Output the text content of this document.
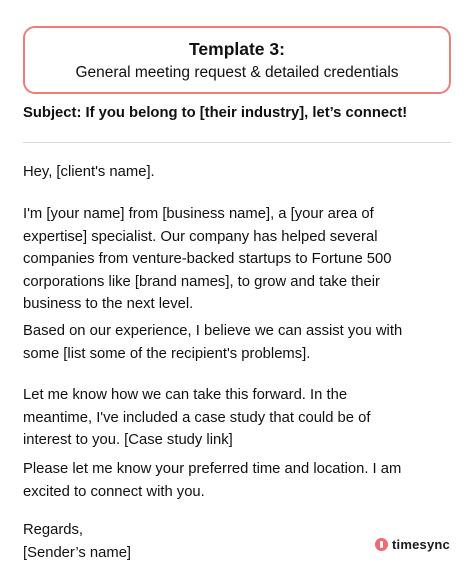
Template 3:
General meeting request & detailed credentials
Subject: If you belong to [their industry], let’s connect!
Hey, [client's name].
I'm [your name] from [business name], a [your area of
expertise] specialist. Our company has helped several
companies from venture-backed startups to Fortune 500
corporations like [brand names], to grow and take their
business to the next level.
Based on our experience, I believe we can assist you with
some [list some of the recipient's problems].
Let me know how we can take this forward. In the
meantime, I've included a case study that could be of
interest to you. [Case study link]
Please let me know your preferred time and location. I am
excited to connect with you.
Regards,
[Sender’s name]
timesync
